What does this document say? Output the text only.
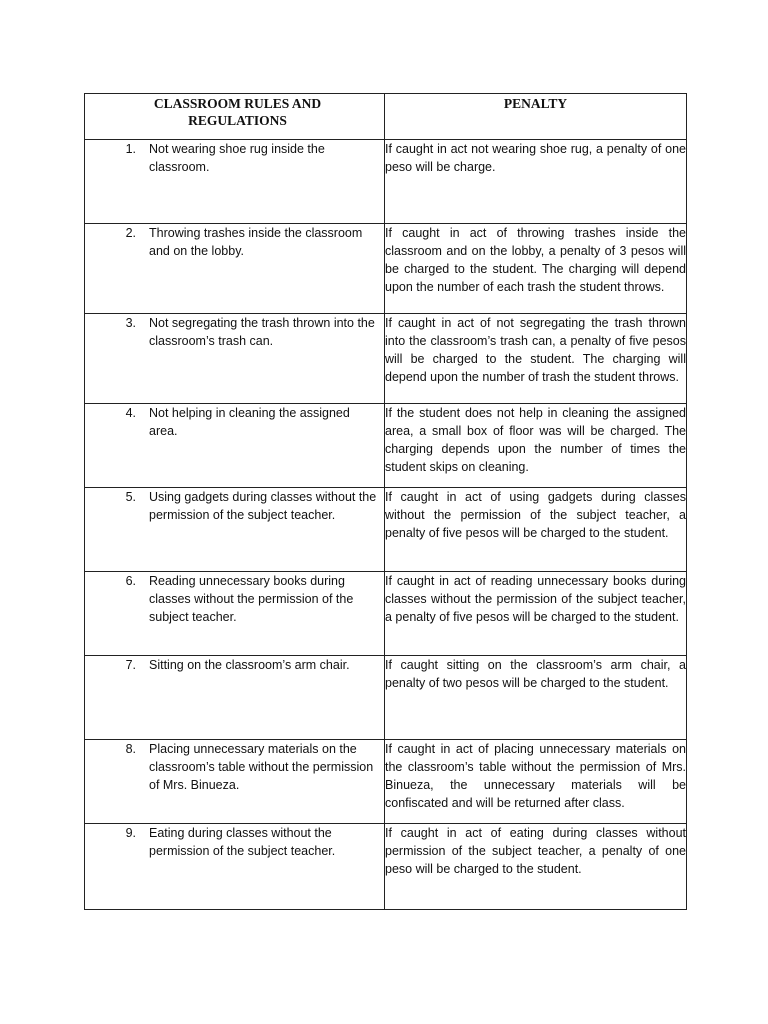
CLASSROOM RULES AND REGULATIONS	PENALTY

1. Not wearing shoe rug inside the classroom.	If caught in act not wearing shoe rug, a penalty of one peso will be charge.

2. Throwing trashes inside the classroom and on the lobby.	If caught in act of throwing trashes inside the classroom and on the lobby, a penalty of 3 pesos will be charged to the student. The charging will depend upon the number of each trash the student throws.

3. Not segregating the trash thrown into the classroom’s trash can.	If caught in act of not segregating the trash thrown into the classroom’s trash can, a penalty of five pesos will be charged to the student. The charging will depend upon the number of trash the student throws.

4. Not helping in cleaning the assigned area.	If the student does not help in cleaning the assigned area, a small box of floor was will be charged. The charging depends upon the number of times the student skips on cleaning.

5. Using gadgets during classes without the permission of the subject teacher.	If caught in act of using gadgets during classes without the permission of the subject teacher, a penalty of five pesos will be charged to the student.

6. Reading unnecessary books during classes without the permission of the subject teacher.	If caught in act of reading unnecessary books during classes without the permission of the subject teacher, a penalty of five pesos will be charged to the student.

7. Sitting on the classroom’s arm chair.	If caught sitting on the classroom’s arm chair, a penalty of two pesos will be charged to the student.

8. Placing unnecessary materials on the classroom’s table without the permission of Mrs. Binueza.	If caught in act of placing unnecessary materials on the classroom’s table without the permission of Mrs. Binueza, the unnecessary materials will be confiscated and will be returned after class.

9. Eating during classes without the permission of the subject teacher.	If caught in act of eating during classes without permission of the subject teacher, a penalty of one peso will be charged to the student.
